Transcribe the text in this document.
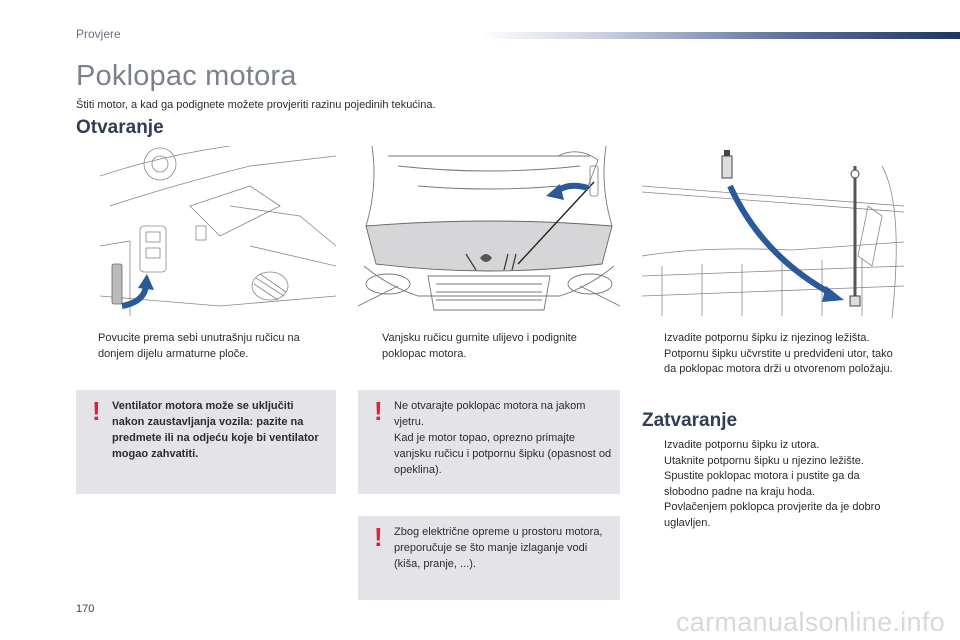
Provjere
Poklopac motora

Štiti motor, a kad ga podignete možete provjeriti razinu pojedinih tekućina.

Otvaranje
Povucite prema sebi unutrašnju ručicu na donjem dijelu armaturne ploče.
Vanjsku ručicu gurnite ulijevo i podignite poklopac motora.
Izvadite potpornu šipku iz njezinog ležišta.
Potpornu šipku učvrstite u predviđeni utor, tako da poklopac motora drži u otvorenom položaju.
! Ventilator motora može se uključiti nakon zaustavljanja vozila: pazite na predmete ili na odjeću koje bi ventilator mogao zahvatiti.
! Ne otvarajte poklopac motora na jakom vjetru.
Kad je motor topao, oprezno primajte vanjsku ručicu i potpornu šipku (opasnost od opeklina).
! Zbog električne opreme u prostoru motora, preporučuje se što manje izlaganje vodi (kiša, pranje, ...).
Zatvaranje
Izvadite potpornu šipku iz utora.
Utaknite potpornu šipku u njezino ležište.
Spustite poklopac motora i pustite ga da slobodno padne na kraju hoda.
Povlačenjem poklopca provjerite da je dobro uglavljen.
170	carmanualsonline.info
